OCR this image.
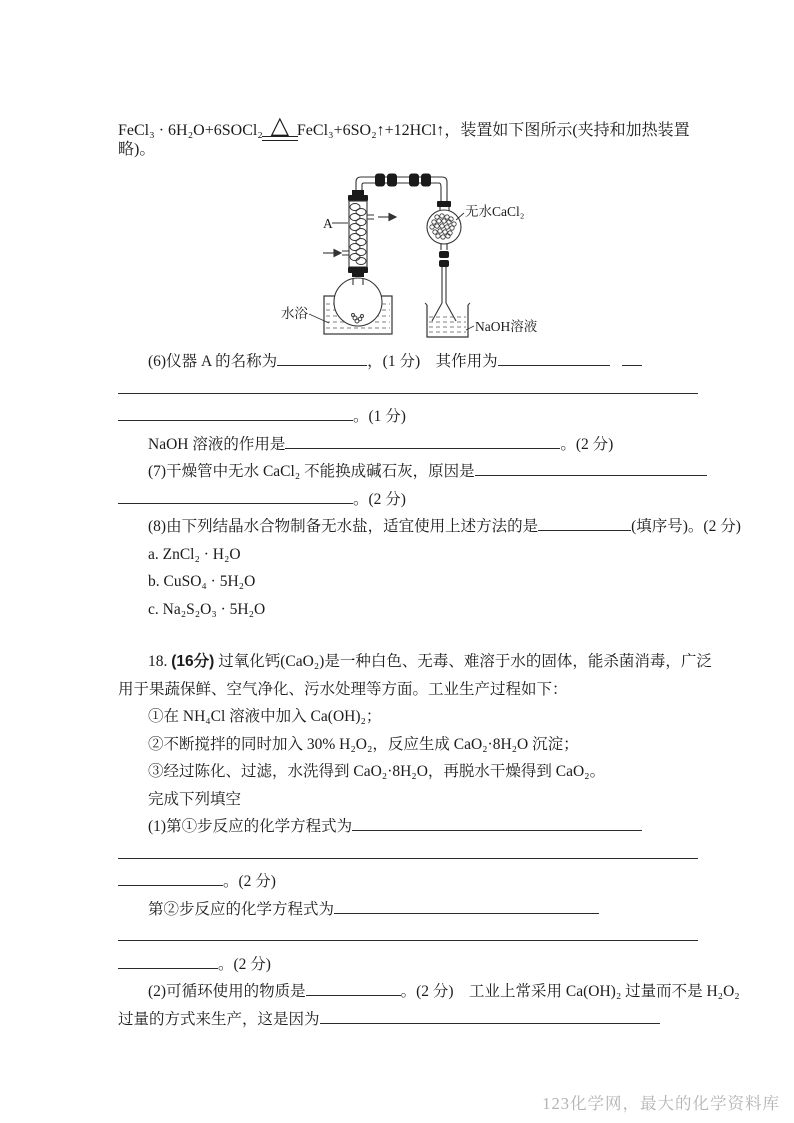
FeCl₃ · 6H₂O+6SOCl₂ △ FeCl₃+6SO₂↑+12HCl↑，装置如下图所示(夹持和加热装置略)。

A
水浴
无水CaCl₂
NaOH溶液

(6)仪器 A 的名称为	，(1 分)　其作用为

。(1 分)

NaOH 溶液的作用是	。(2 分)

(7)干燥管中无水 CaCl₂ 不能换成碱石灰，原因是

。(2 分)

(8)由下列结晶水合物制备无水盐，适宜使用上述方法的是	(填序号)。(2 分)

a. ZnCl₂ · H₂O

b. CuSO₄ · 5H₂O

c. Na₂S₂O₃ · 5H₂O

18. (16分) 过氧化钙(CaO₂)是一种白色、无毒、难溶于水的固体，能杀菌消毒，广泛

用于果蔬保鲜、空气净化、污水处理等方面。工业生产过程如下：

①在 NH₄Cl 溶液中加入 Ca(OH)₂；

②不断搅拌的同时加入 30% H₂O₂，反应生成 CaO₂·8H₂O 沉淀；

③经过陈化、过滤，水洗得到 CaO₂·8H₂O，再脱水干燥得到 CaO₂。

完成下列填空

(1)第①步反应的化学方程式为

。(2 分)

第②步反应的化学方程式为

。(2 分)

(2)可循环使用的物质是	。(2 分)　工业上常采用 Ca(OH)₂ 过量而不是 H₂O₂

过量的方式来生产，这是因为

123化学网，最大的化学资料库
